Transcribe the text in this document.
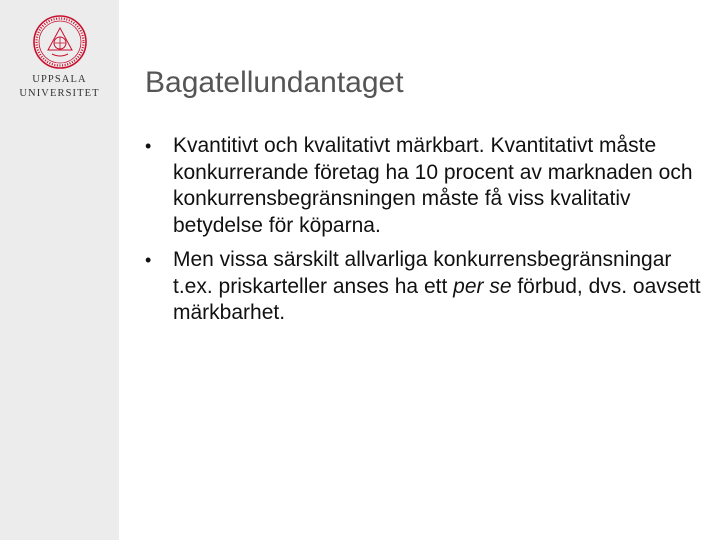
UPPSALA
UNIVERSITET	Bagatellundantaget
• Kvantitivt och kvalitativt märkbart. Kvantitativt måste konkurrerande företag ha 10 procent av marknaden och konkurrensbegränsningen måste få viss kvalitativ betydelse för köparna.
• Men vissa särskilt allvarliga konkurrensbegränsningar t.ex. priskarteller anses ha ett per se förbud, dvs. oavsett märkbarhet.
